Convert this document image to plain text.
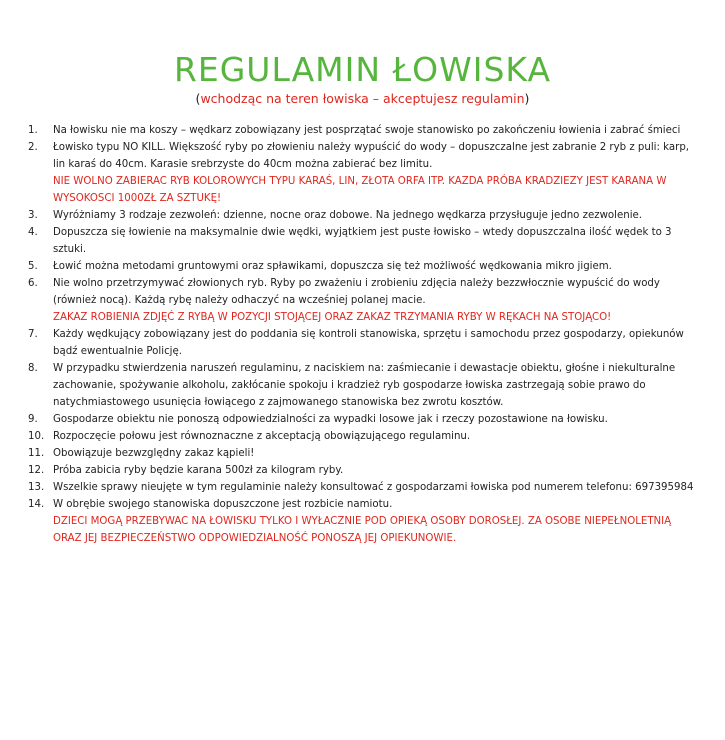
REGULAMIN ŁOWISKA
(wchodząc na teren łowiska – akceptujesz regulamin)
1.	Na łowisku nie ma koszy – wędkarz zobowiązany jest posprzątać swoje stanowisko po zakończeniu łowienia i zabrać śmieci
2.	Łowisko typu NO KILL. Większość ryby po złowieniu należy wypuścić do wody – dopuszczalne jest zabranie 2 ryb z puli: karp, lin karaś do 40cm. Karasie srebrzyste do 40cm można zabierać bez limitu.
NIE WOLNO ZABIERAC RYB KOLOROWYCH TYPU KARAŚ, LIN, ZŁOTA ORFA ITP. KAZDA PRÓBA KRADZIEZY JEST KARANA W WYSOKOSCI 1000ZŁ ZA SZTUKĘ!
3.	Wyróżniamy 3 rodzaje zezwoleń: dzienne, nocne oraz dobowe. Na jednego wędkarza przysługuje jedno zezwolenie.
4.	Dopuszcza się łowienie na maksymalnie dwie wędki, wyjątkiem jest puste łowisko – wtedy dopuszczalna ilość wędek to 3 sztuki.
5.	Łowić można metodami gruntowymi oraz spławikami, dopuszcza się też możliwość wędkowania mikro jigiem.
6.	Nie wolno przetrzymywać złowionych ryb. Ryby po zważeniu i zrobieniu zdjęcia należy bezzwłocznie wypuścić do wody (również nocą). Każdą rybę należy odhaczyć na wcześniej polanej macie.
ZAKAZ ROBIENIA ZDJĘĆ Z RYBĄ W POZYCJI STOJĄCEJ ORAZ ZAKAZ TRZYMANIA RYBY W RĘKACH NA STOJĄCO!
7.	Każdy wędkujący zobowiązany jest do poddania się kontroli stanowiska, sprzętu i samochodu przez gospodarzy, opiekunów bądź ewentualnie Policję.
8.	W przypadku stwierdzenia naruszeń regulaminu, z naciskiem na: zaśmiecanie i dewastacje obiektu, głośne i niekulturalne zachowanie, spożywanie alkoholu, zakłócanie spokoju i kradzież ryb gospodarze łowiska zastrzegają sobie prawo do natychmiastowego usunięcia łowiącego z zajmowanego stanowiska bez zwrotu kosztów.
9.	Gospodarze obiektu nie ponoszą odpowiedzialności za wypadki losowe jak i rzeczy pozostawione na łowisku.
10. Rozpoczęcie połowu jest równoznaczne z akceptacją obowiązującego regulaminu.
11. Obowiązuje bezwzględny zakaz kąpieli!
12. Próba zabicia ryby będzie karana 500zł za kilogram ryby.
13. Wszelkie sprawy nieujęte w tym regulaminie należy konsultować z gospodarzami łowiska pod numerem telefonu: 697395984
14. W obrębie swojego stanowiska dopuszczone jest rozbicie namiotu.
DZIECI MOGĄ PRZEBYWAC NA ŁOWISKU TYLKO I WYŁACZNIE POD OPIEKĄ OSOBY DOROSŁEJ. ZA OSOBE NIEPEŁNOLETNIĄ ORAZ JEJ BEZPIECZEŃSTWO ODPOWIEDZIALNOŚĆ PONOSZĄ JEJ OPIEKUNOWIE.
